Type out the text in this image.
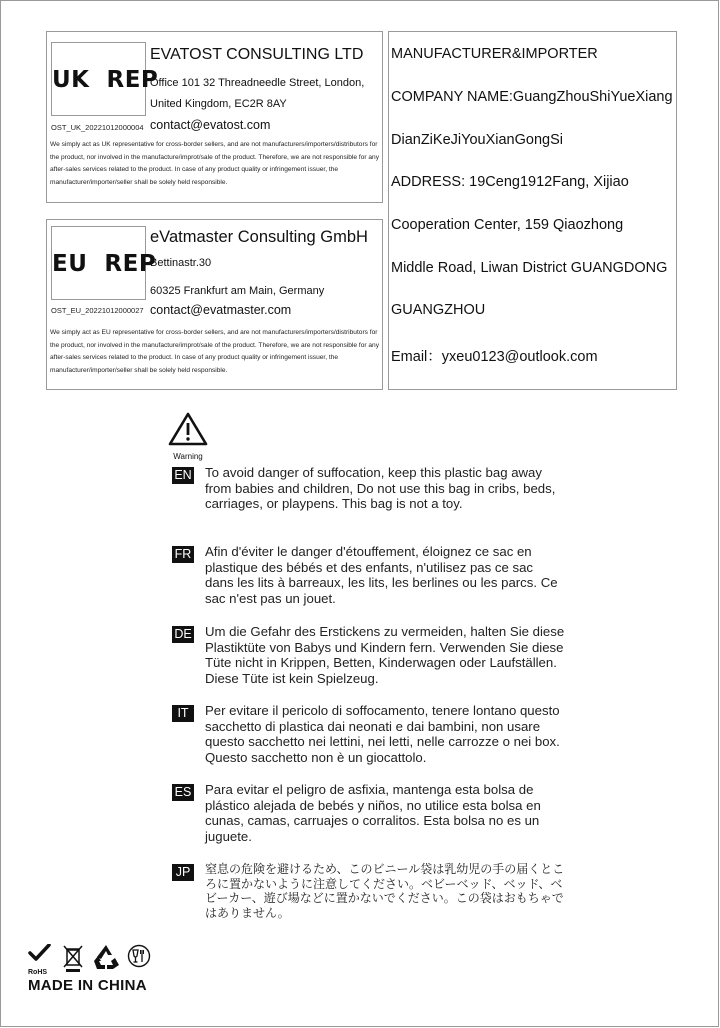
UK  REP
OST_UK_20221012000004
EVATOST CONSULTING LTD
Office 101 32 Threadneedle Street, London,
United Kingdom, EC2R 8AY
contact@evatost.com
We simply act as UK representative for cross-border sellers, and are not manufacturers/importers/distributors for the product, nor involved in the manufacture/improt/sale of the product. Therefore, we are not responsible for any after-sales services related to the product. In case of any product quality or infringement issuer, the manufacturer/importer/seller shall be solely held responsible.
EU  REP
OST_EU_20221012000027
eVatmaster Consulting GmbH
Bettinastr.30
60325 Frankfurt am Main, Germany
contact@evatmaster.com
We simply act as EU representative for cross-border sellers, and are not manufacturers/importers/distributors for the product, nor involved in the manufacture/improt/sale of the product. Therefore, we are not responsible for any after-sales services related to the product. In case of any product quality or infringement issuer, the manufacturer/importer/seller shall be solely held responsible.
MANUFACTURER&IMPORTER
COMPANY NAME:GuangZhouShiYueXiang
DianZiKeJiYouXianGongSi
ADDRESS: 19Ceng1912Fang, Xijiao
Cooperation Center, 159 Qiaozhong
Middle Road, Liwan District GUANGDONG
GUANGZHOU
Email：yxeu0123@outlook.com
Warning
EN To avoid danger of suffocation, keep this plastic bag away from babies and children, Do not use this bag in cribs, beds, carriages, or playpens. This bag is not a toy.
FR Afin d'éviter le danger d'étouffement, éloignez ce sac en plastique des bébés et des enfants, n'utilisez pas ce sac dans les lits à barreaux, les lits, les berlines ou les parcs. Ce sac n'est pas un jouet.
DE Um die Gefahr des Erstickens zu vermeiden, halten Sie diese Plastiktüte von Babys und Kindern fern. Verwenden Sie diese Tüte nicht in Krippen, Betten, Kinderwagen oder Laufställen. Diese Tüte ist kein Spielzeug.
IT	Per evitare il pericolo di soffocamento, tenere lontano questo sacchetto di plastica dai neonati e dai bambini, non usare questo sacchetto nei lettini, nei letti, nelle carrozze o nei box. Questo sacchetto non è un giocattolo.
ES Para evitar el peligro de asfixia, mantenga esta bolsa de plástico alejada de bebés y niños, no utilice esta bolsa en cunas, camas, carruajes o corralitos. Esta bolsa no es un juguete.
JP	窒息の危険を避けるため、このビニール袋は乳幼児の手の届くところに置かないように注意してください。ベビーベッド、ベッド、ベビーカー、遊び場などに置かないでください。この袋はおもちゃではありません。
RoHS
MADE IN CHINA
